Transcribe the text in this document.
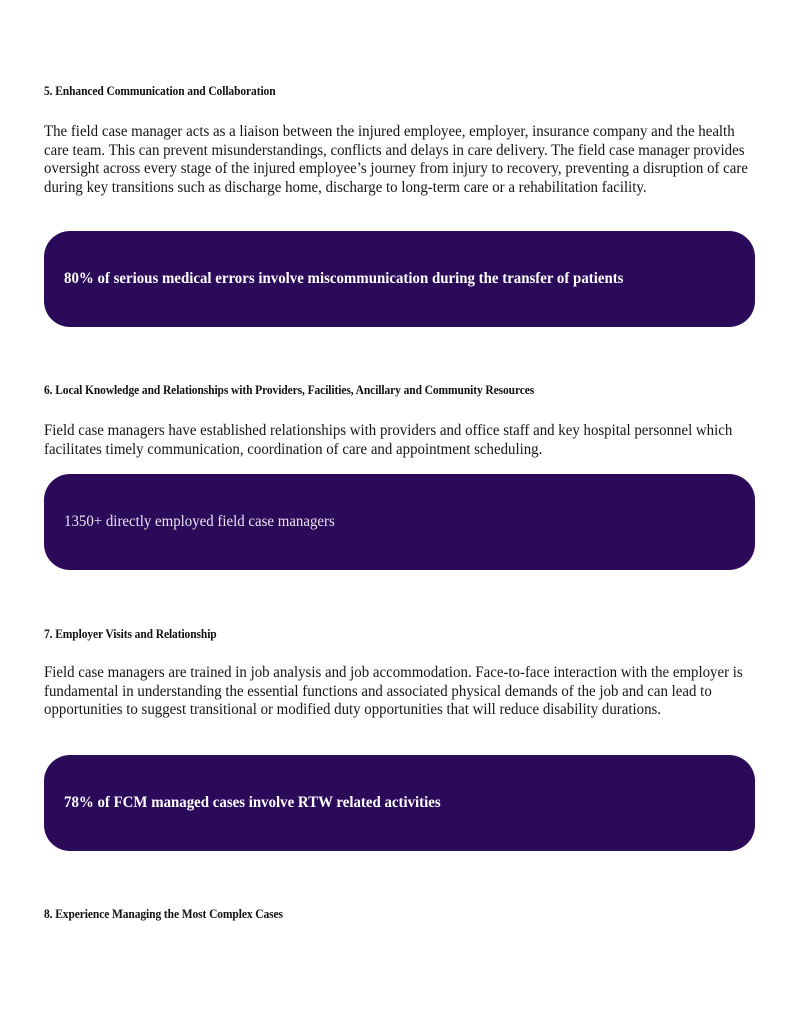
5. Enhanced Communication and Collaboration
The field case manager acts as a liaison between the injured employee, employer, insurance company and the health care team. This can prevent misunderstandings, conflicts and delays in care delivery. The field case manager provides oversight across every stage of the injured employee’s journey from injury to recovery, preventing a disruption of care during key transitions such as discharge home, discharge to long-term care or a rehabilitation facility.
80% of serious medical errors involve miscommunication during the transfer of patients
6. Local Knowledge and Relationships with Providers, Facilities, Ancillary and Community Resources
Field case managers have established relationships with providers and office staff and key hospital personnel which facilitates timely communication, coordination of care and appointment scheduling.
1350+ directly employed field case managers
7. Employer Visits and Relationship
Field case managers are trained in job analysis and job accommodation. Face-to-face interaction with the employer is fundamental in understanding the essential functions and associated physical demands of the job and can lead to opportunities to suggest transitional or modified duty opportunities that will reduce disability durations.
78% of FCM managed cases involve RTW related activities
8. Experience Managing the Most Complex Cases
